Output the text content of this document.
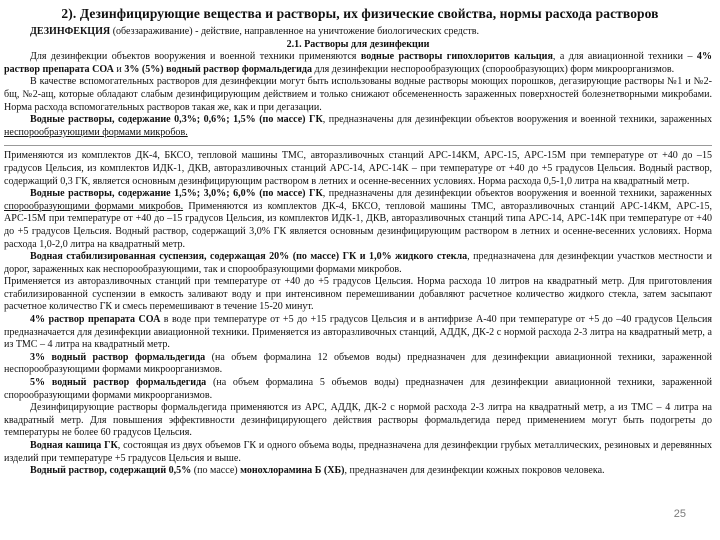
2). Дезинфицирующие вещества и растворы, их физические свойства, нормы расхода растворов

ДЕЗИНФЕКЦИЯ (обеззараживание) - действие, направленное на уничтожение биологических средств.

2.1. Растворы для дезинфекции

Для дезинфекции объектов вооружения и военной техники применяются водные растворы гипохлоритов кальция, а для авиационной техники – 4% раствор препарата СОА и 3% (5%) водный раствор формальдегида для дезинфекции неспорообразующих (спорообразующих) форм микроорганизмов.

В качестве вспомогательных растворов для дезинфекции могут быть использованы водные растворы моющих порошков, дегазирующие растворы №1 и №2- бщ, №2-ащ, которые обладают слабым дезинфицирующим действием и только снижают обсемененность зараженных поверхностей болезнетворными микробами. Норма расхода вспомогательных растворов такая же, как и при дегазации.

Водные растворы, содержание 0,3%; 0,6%; 1,5% (по массе) ГК, предназначены для дезинфекции объектов вооружения и военной техники, зараженных неспорообразующими формами микробов.

Применяются из комплектов ДК-4, БКСО, тепловой машины ТМС, авторазливочных станций АРС-14КМ, АРС-15, АРС-15М при температуре от +40 до –15 градусов Цельсия, из комплектов ИДК-1, ДКВ, авторазливочных станций АРС-14, АРС-14К – при температуре от +40 до +5 градусов Цельсия. Водный раствор, содержащий 0,3 ГК, является основным дезинфицирующим раствором в летних и осенне-весенних условиях. Норма расхода 0,5-1,0 литра на квадратный метр.

Водные растворы, содержание 1,5%; 3,0%; 6,0% (по массе) ГК, предназначены для дезинфекции объектов вооружения и военной техники, зараженных спорообразующими формами микробов. Применяются из комплектов ДК-4, БКСО, тепловой машины ТМС, авторазливочных станций АРС-14КМ, АРС-15, АРС-15М при температуре от +40 до –15 градусов Цельсия, из комплектов ИДК-1, ДКВ, авторазливочных станций типа АРС-14, АРС-14К при температуре от +40 до +5 градусов Цельсия. Водный раствор, содержащий 3,0% ГК является основным дезинфицирующим раствором в летних и осенне-весенних условиях. Норма расхода 1,0-2,0 литра на квадратный метр.

Водная стабилизированная суспензия, содержащая 20% (по массе) ГК и 1,0% жидкого стекла, предназначена для дезинфекции участков местности и дорог, зараженных как неспорообразующими, так и спорообразующими формами микробов.

Применяется из авторазливочных станций при температуре от +40 до +5 градусов Цельсия. Норма расхода 10 литров на квадратный метр. Для приготовления стабилизированной суспензии в емкость заливают воду и при интенсивном перемешивании добавляют расчетное количество жидкого стекла, затем засыпают расчетное количество ГК и смесь перемешивают в течение 15-20 минут.

4% раствор препарата СОА в воде при температуре от +5 до +15 градусов Цельсия и в антифризе А-40 при температуре от +5 до –40 градусов Цельсия предназначается для дезинфекции авиационной техники. Применяется из авторазливочных станций, АДДК, ДК-2 с нормой расхода 2-3 литра на квадратный метр, а из ТМС – 4 литра на квадратный метр.

3% водный раствор формальдегида (на объем формалина 12 объемов воды) предназначен для дезинфекции авиационной техники, зараженной неспорообразующими формами микроорганизмов.

5% водный раствор формальдегида (на объем формалина 5 объемов воды) предназначен для дезинфекции авиационной техники, зараженной спорообразующими формами микроорганизмов.

Дезинфицирующие растворы формальдегида применяются из АРС, АДДК, ДК-2 с нормой расхода 2-3 литра на квадратный метр, а из ТМС – 4 литра на квадратный метр. Для повышения эффективности дезинфицирующего действия растворы формальдегида перед применением могут быть подогреты до температуры не более 60 градусов Цельсия.

Водная кашица ГК, состоящая из двух объемов ГК и одного объема воды, предназначена для дезинфекции грубых металлических, резиновых и деревянных изделий при температуре +5 градусов Цельсия и выше.

Водный раствор, содержащий 0,5% (по массе) монохлорамина Б (ХБ), предназначен для дезинфекции кожных покровов человека.

25
